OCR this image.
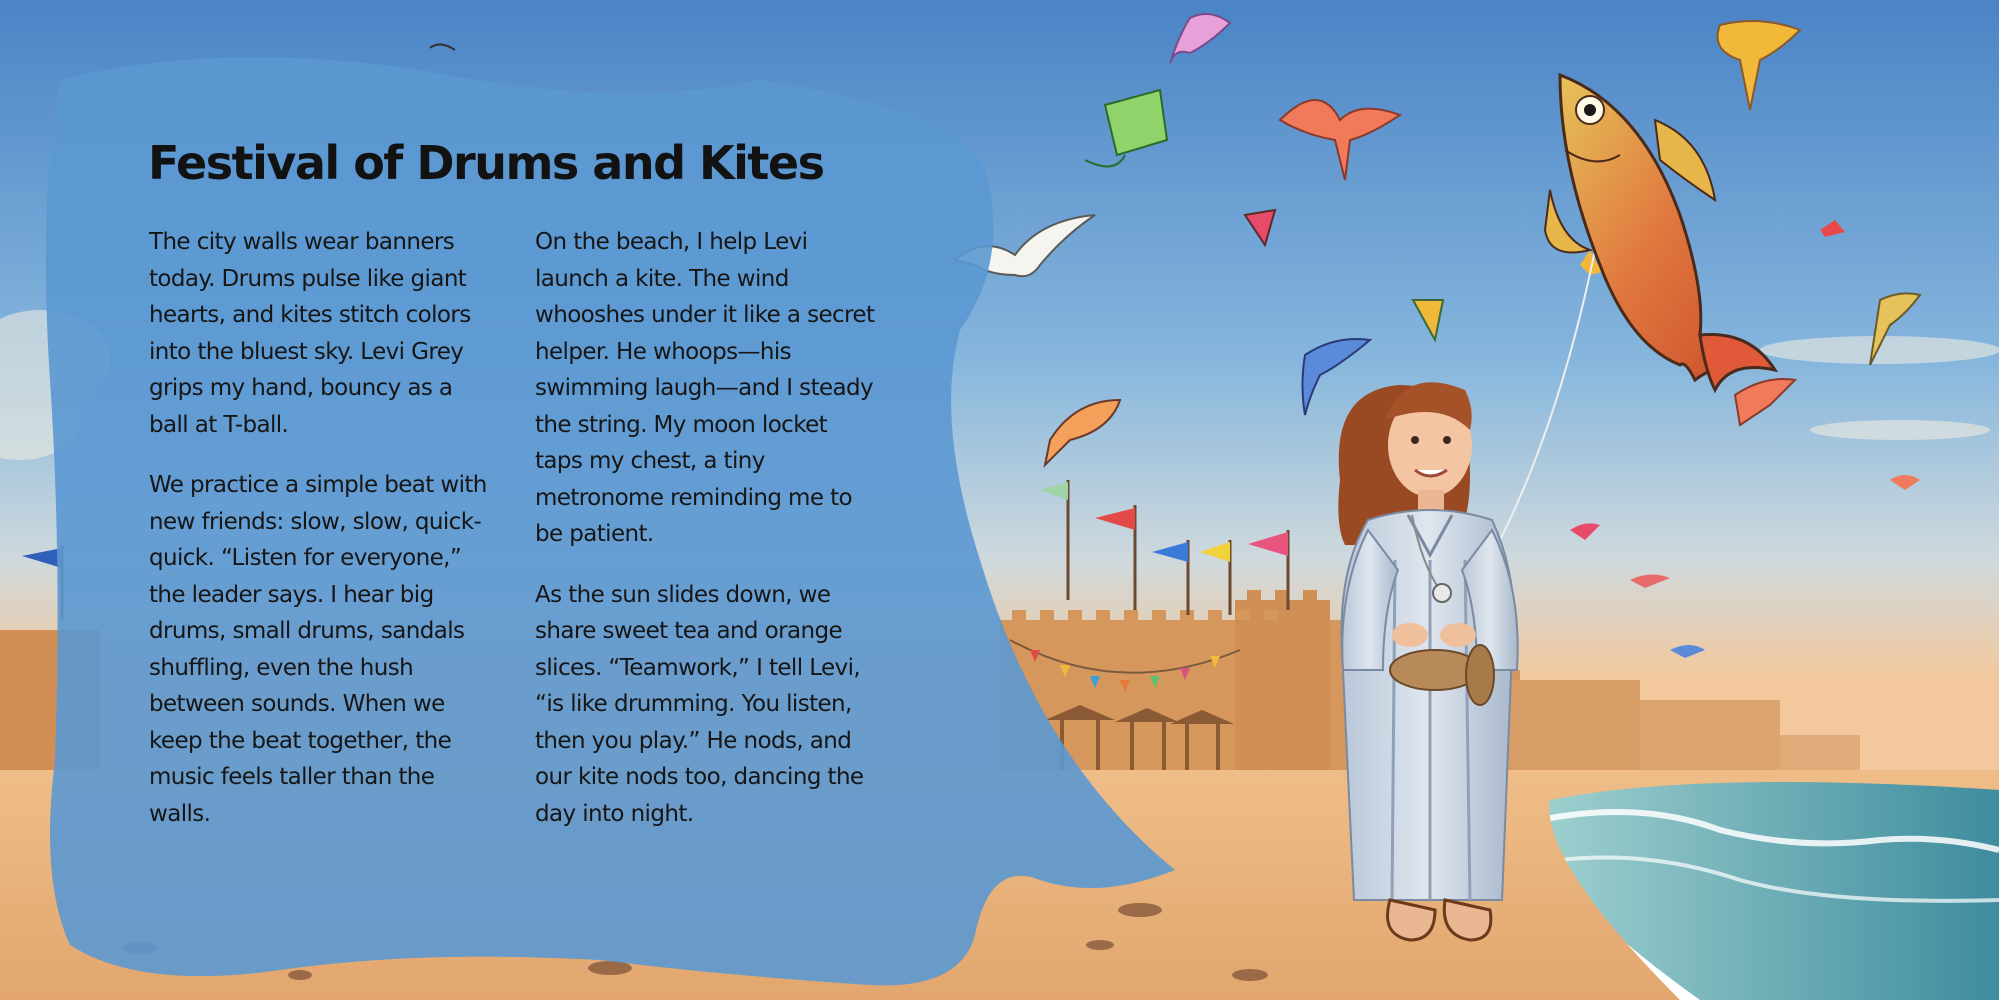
Festival of Drums and Kites

The city walls wear banners today. Drums pulse like giant hearts, and kites stitch colors into the bluest sky. Levi Grey grips my hand, bouncy as a ball at T-ball.

We practice a simple beat with new friends: slow, slow, quick-quick. “Listen for everyone,” the leader says. I hear big drums, small drums, sandals shuffling, even the hush between sounds. When we keep the beat together, the music feels taller than the walls.

On the beach, I help Levi launch a kite. The wind whooshes under it like a secret helper. He whoops—his swimming laugh—and I steady the string. My moon locket taps my chest, a tiny metronome reminding me to be patient.

As the sun slides down, we share sweet tea and orange slices. “Teamwork,” I tell Levi, “is like drumming. You listen, then you play.” He nods, and our kite nods too, dancing the day into night.
